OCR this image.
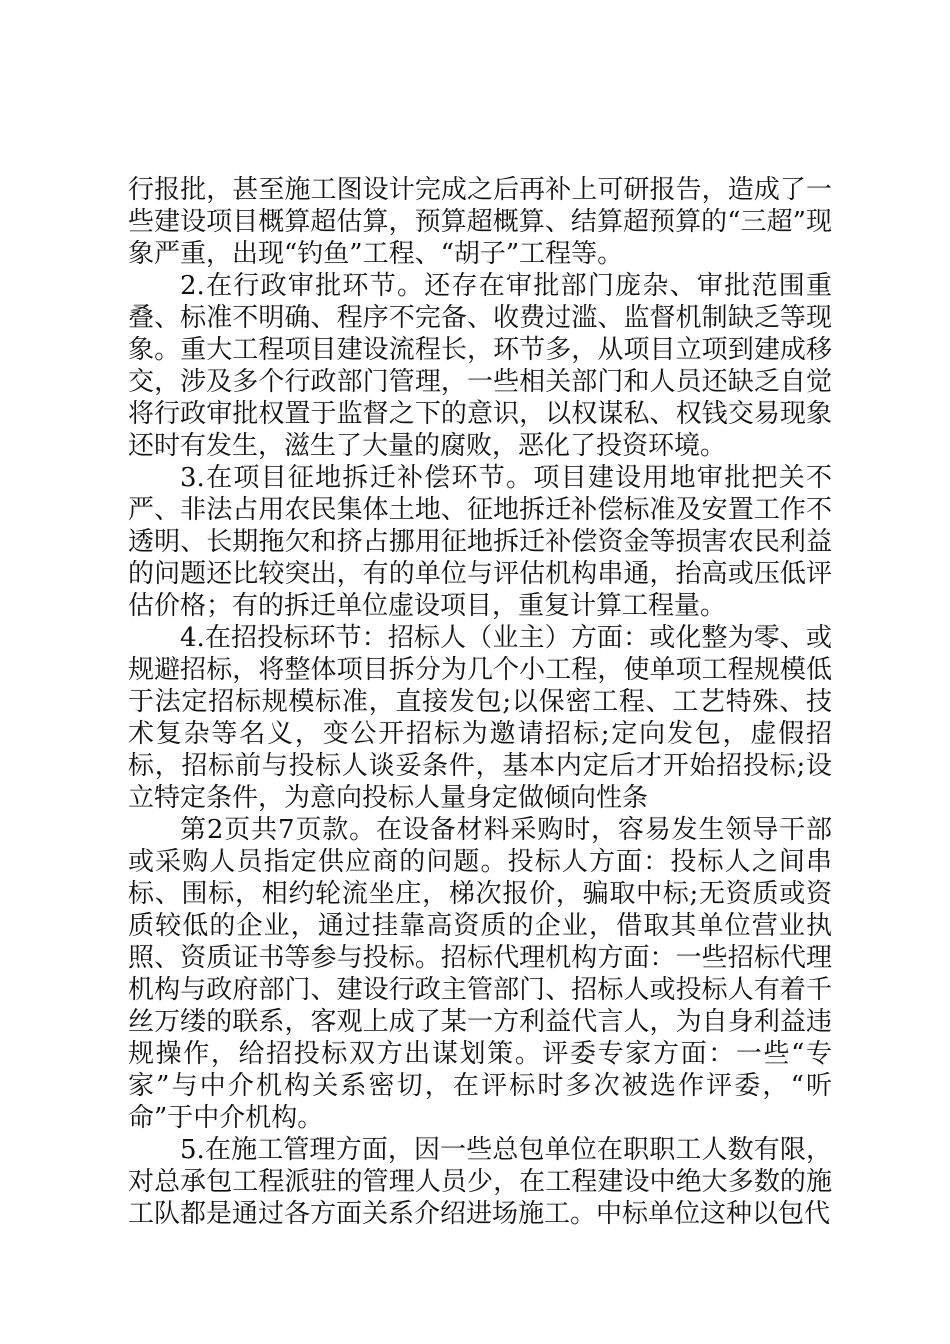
行报批，甚至施工图设计完成之后再补上可研报告，造成了一些建设项目概算超估算，预算超概算、结算超预算的“三超”现象严重，出现“钓鱼”工程、“胡子”工程等。

2.在行政审批环节。还存在审批部门庞杂、审批范围重叠、标准不明确、程序不完备、收费过滥、监督机制缺乏等现象。重大工程项目建设流程长，环节多，从项目立项到建成移交，涉及多个行政部门管理，一些相关部门和人员还缺乏自觉将行政审批权置于监督之下的意识，以权谋私、权钱交易现象还时有发生，滋生了大量的腐败，恶化了投资环境。

3.在项目征地拆迁补偿环节。项目建设用地审批把关不严、非法占用农民集体土地、征地拆迁补偿标准及安置工作不透明、长期拖欠和挤占挪用征地拆迁补偿资金等损害农民利益的问题还比较突出，有的单位与评估机构串通，抬高或压低评估价格；有的拆迁单位虚设项目，重复计算工程量。

4.在招投标环节：招标人（业主）方面：或化整为零、或规避招标，将整体项目拆分为几个小工程，使单项工程规模低于法定招标规模标准，直接发包;以保密工程、工艺特殊、技术复杂等名义，变公开招标为邀请招标;定向发包，虚假招标，招标前与投标人谈妥条件，基本内定后才开始招投标;设立特定条件，为意向投标人量身定做倾向性条

第2页共7页款。在设备材料采购时，容易发生领导干部或采购人员指定供应商的问题。投标人方面：投标人之间串标、围标，相约轮流坐庄，梯次报价，骗取中标;无资质或资质较低的企业，通过挂靠高资质的企业，借取其单位营业执照、资质证书等参与投标。招标代理机构方面：一些招标代理机构与政府部门、建设行政主管部门、招标人或投标人有着千丝万缕的联系，客观上成了某一方利益代言人，为自身利益违规操作，给招投标双方出谋划策。评委专家方面：一些“专家”与中介机构关系密切，在评标时多次被选作评委，“听命”于中介机构。

5.在施工管理方面，因一些总包单位在职职工人数有限，对总承包工程派驻的管理人员少，在工程建设中绝大多数的施工队都是通过各方面关系介绍进场施工。中标单位这种以包代
